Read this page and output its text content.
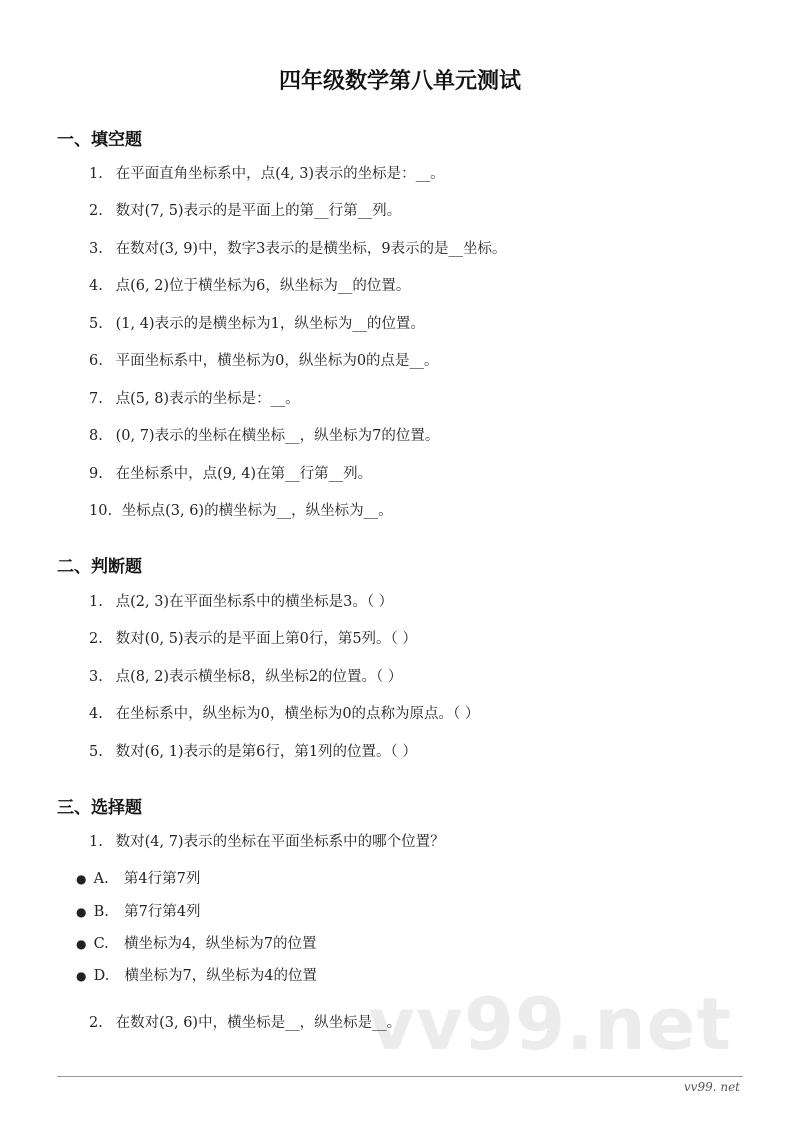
四年级数学第八单元测试
一、填空题
1. 在平面直角坐标系中，点(4, 3)表示的坐标是：__。
2. 数对(7, 5)表示的是平面上的第__行第__列。
3. 在数对(3, 9)中，数字3表示的是横坐标，9表示的是__坐标。
4. 点(6, 2)位于横坐标为6，纵坐标为__的位置。
5. (1, 4)表示的是横坐标为1，纵坐标为__的位置。
6. 平面坐标系中，横坐标为0，纵坐标为0的点是__。
7. 点(5, 8)表示的坐标是：__。
8. (0, 7)表示的坐标在横坐标__，纵坐标为7的位置。
9. 在坐标系中，点(9, 4)在第__行第__列。
10. 坐标点(3, 6)的横坐标为__，纵坐标为__。
二、判断题
1. 点(2, 3)在平面坐标系中的横坐标是3。（ ）
2. 数对(0, 5)表示的是平面上第0行，第5列。（ ）
3. 点(8, 2)表示横坐标8，纵坐标2的位置。（ ）
4. 在坐标系中，纵坐标为0，横坐标为0的点称为原点。（ ）
5. 数对(6, 1)表示的是第6行，第1列的位置。（ ）
三、选择题
1. 数对(4, 7)表示的坐标在平面坐标系中的哪个位置？
● A. 第4行第7列
● B. 第7行第4列
● C. 横坐标为4，纵坐标为7的位置
● D. 横坐标为7，纵坐标为4的位置
vv99.net
2. 在数对(3, 6)中，横坐标是__，纵坐标是__。
vv99. net
